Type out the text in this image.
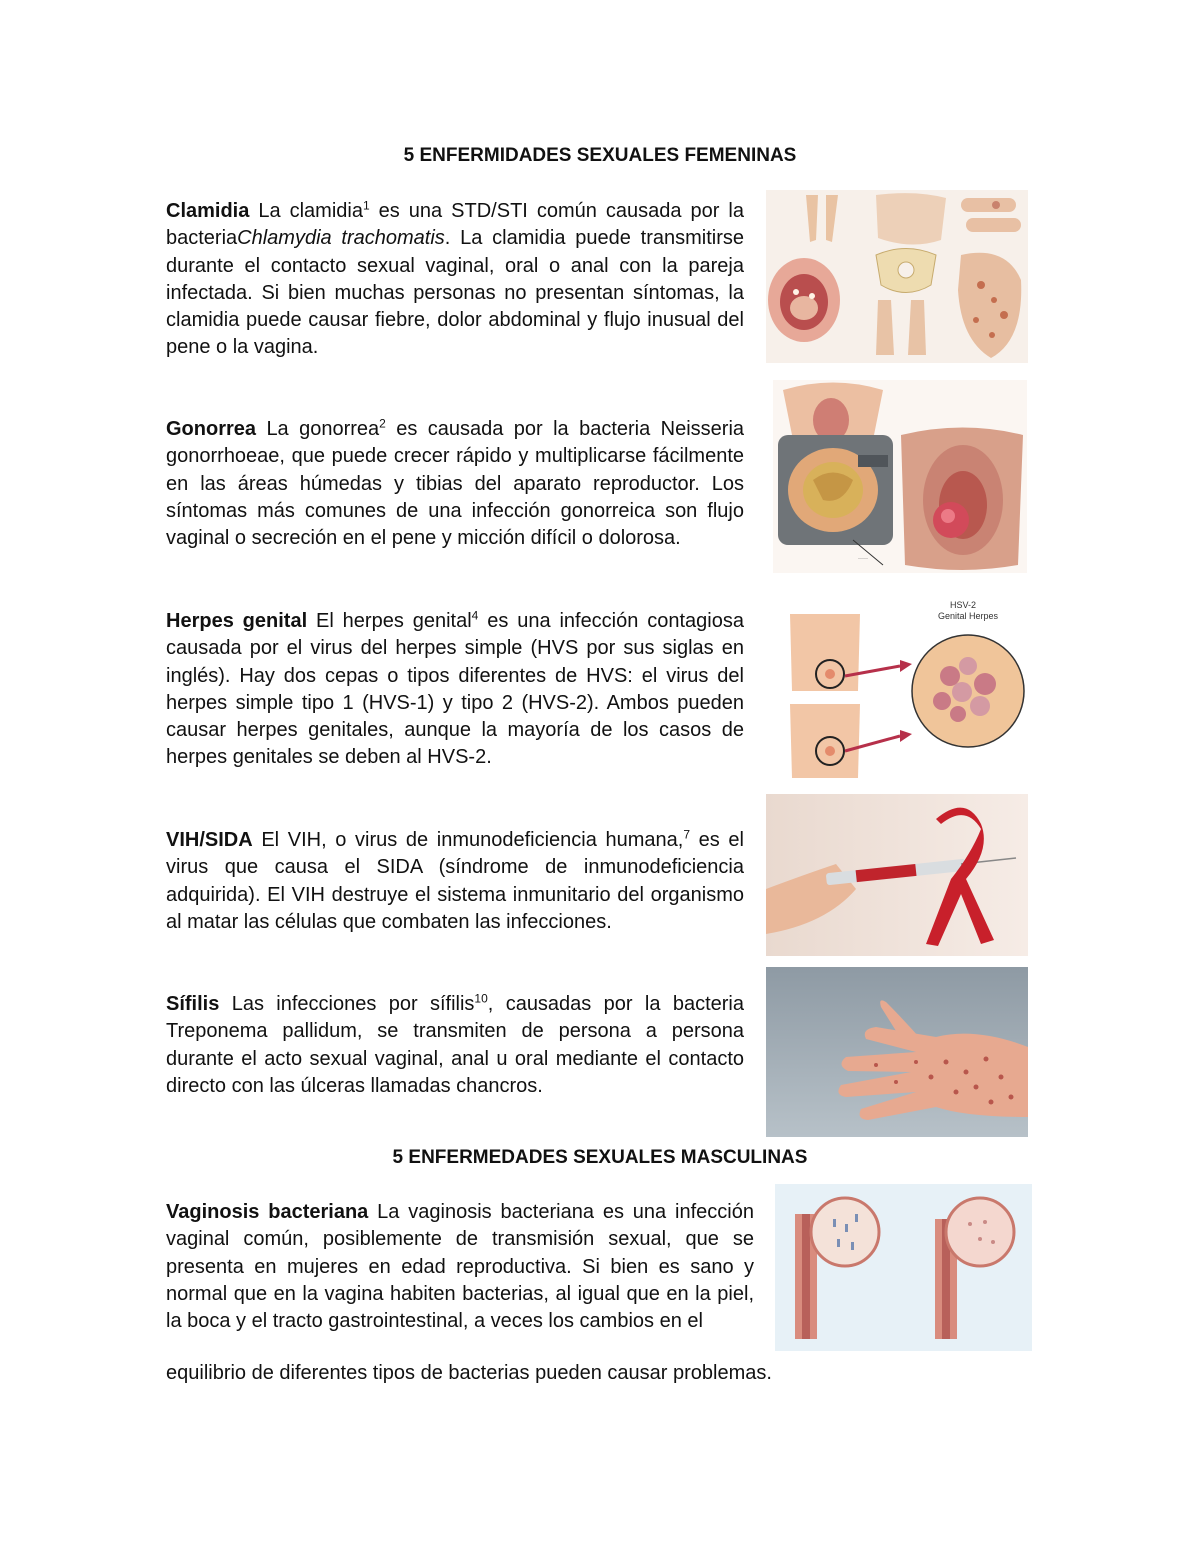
5 ENFERMIDADES SEXUALES FEMENINAS
5 ENFERMEDADES SEXUALES MASCULINAS
Clamidia La clamidia$^1$ es una STD/STI común causada por la bacteriaChlamydia trachomatis. La clamidia puede transmitirse durante el contacto sexual vaginal, oral o anal con la pareja infectada. Si bien muchas personas no presentan síntomas, la clamidia puede causar fiebre, dolor abdominal y flujo inusual del pene o la vagina.
Gonorrea La gonorrea$^2$ es causada por la bacteria Neisseria gonorrhoeae, que puede crecer rápido y multiplicarse fácilmente en las áreas húmedas y tibias del aparato reproductor. Los síntomas más comunes de una infección gonorreica son flujo vaginal o secreción en el pene y micción difícil o dolorosa.
Herpes genital El herpes genital$^4$ es una infección contagiosa causada por el virus del herpes simple (HVS por sus siglas en inglés). Hay dos cepas o tipos diferentes de HVS: el virus del herpes simple tipo 1 (HVS-1) y tipo 2 (HVS-2). Ambos pueden causar herpes genitales, aunque la mayoría de los casos de herpes genitales se deben al HVS-2.
VIH/SIDA El VIH, o virus de inmunodeficiencia humana,$^7$ es el virus que causa el SIDA (síndrome de inmunodeficiencia adquirida). El VIH destruye el sistema inmunitario del organismo al matar las células que combaten las infecciones.
Sífilis Las infecciones por sífilis$^{10}$, causadas por la bacteria Treponema pallidum, se transmiten de persona a persona durante el acto sexual vaginal, anal u oral mediante el contacto directo con las úlceras llamadas chancros.
Vaginosis bacteriana La vaginosis bacteriana es una infección vaginal común, posiblemente de transmisión sexual, que se presenta en mujeres en edad reproductiva. Si bien es sano y normal que en la vagina habiten bacterias, al igual que en la piel, la boca y el tracto gastrointestinal, a veces los cambios en el
equilibrio de diferentes tipos de bacterias pueden causar problemas.
·····
HSV-2
Genital Herpes
